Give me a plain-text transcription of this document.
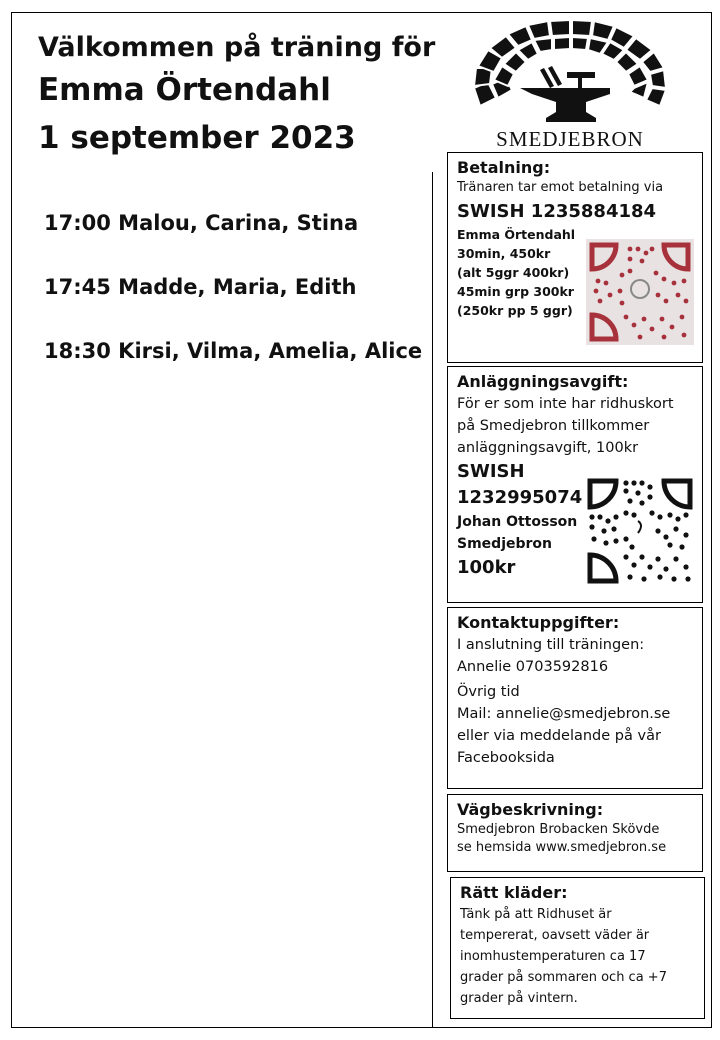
Välkommen på träning för
Emma Örtendahl
1 september 2023
17:00 Malou, Carina, Stina
17:45 Madde, Maria, Edith
18:30 Kirsi, Vilma, Amelia, Alice
SMEDJEBRON
Betalning:
Tränaren tar emot betalning via
SWISH 1235884184
Emma Örtendahl
30min, 450kr
(alt 5ggr 400kr)
45min grp 300kr
(250kr pp 5 ggr)
Anläggningsavgift:
För er som inte har ridhuskort
på Smedjebron tillkommer
anläggningsavgift, 100kr
SWISH
1232995074
Johan Ottosson
Smedjebron
100kr
Kontaktuppgifter:
I anslutning till träningen:
Annelie 0703592816
Övrig tid
Mail: annelie@smedjebron.se
eller via meddelande på vår
Facebooksida
Vägbeskrivning:
Smedjebron Brobacken Skövde
se hemsida www.smedjebron.se
Rätt kläder:
Tänk på att Ridhuset är
tempererat, oavsett väder är
inomhustemperaturen ca 17
grader på sommaren och ca +7
grader på vintern.
